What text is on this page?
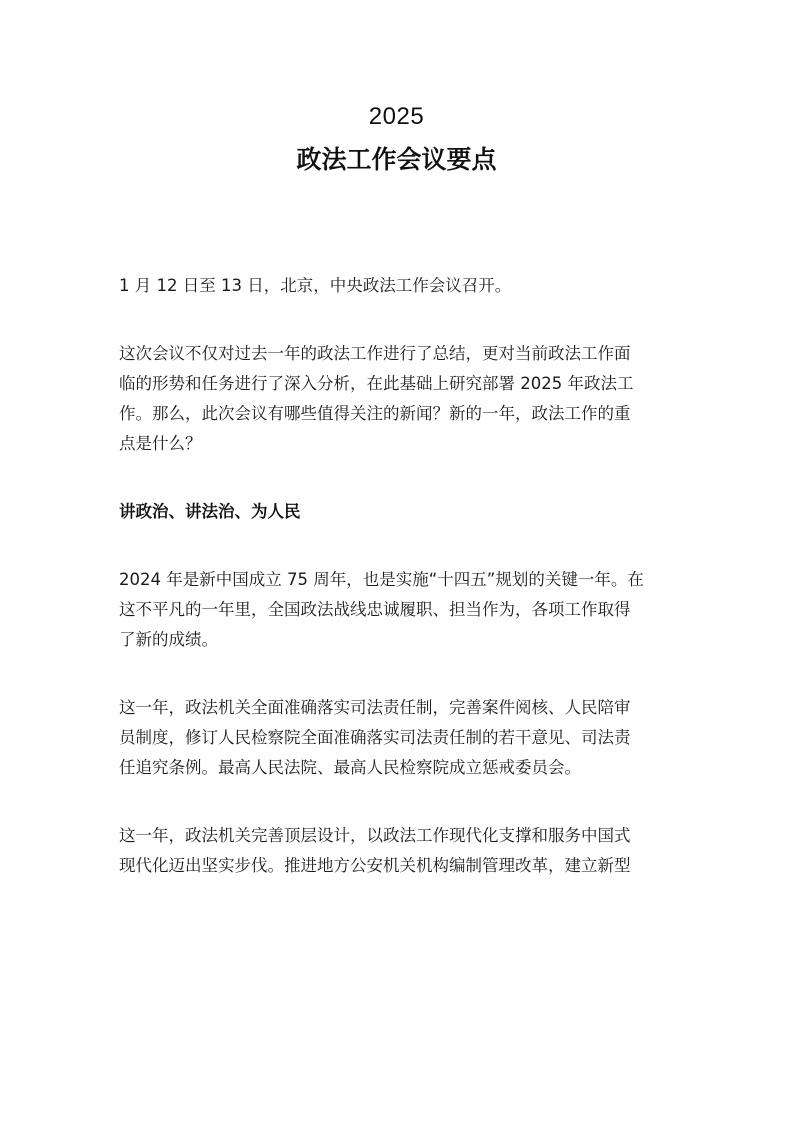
2025
政法工作会议要点
1 月 12 日至 13 日，北京，中央政法工作会议召开。
这次会议不仅对过去一年的政法工作进行了总结，更对当前政法工作面
临的形势和任务进行了深入分析，在此基础上研究部署 2025 年政法工
作。那么，此次会议有哪些值得关注的新闻？新的一年，政法工作的重
点是什么？
讲政治、讲法治、为人民
2024 年是新中国成立 75 周年，也是实施“十四五”规划的关键一年。在
这不平凡的一年里，全国政法战线忠诚履职、担当作为，各项工作取得
了新的成绩。
这一年，政法机关全面准确落实司法责任制，完善案件阅核、人民陪审
员制度，修订人民检察院全面准确落实司法责任制的若干意见、司法责
任追究条例。最高人民法院、最高人民检察院成立惩戒委员会。
这一年，政法机关完善顶层设计，以政法工作现代化支撑和服务中国式
现代化迈出坚实步伐。推进地方公安机关机构编制管理改革，建立新型
